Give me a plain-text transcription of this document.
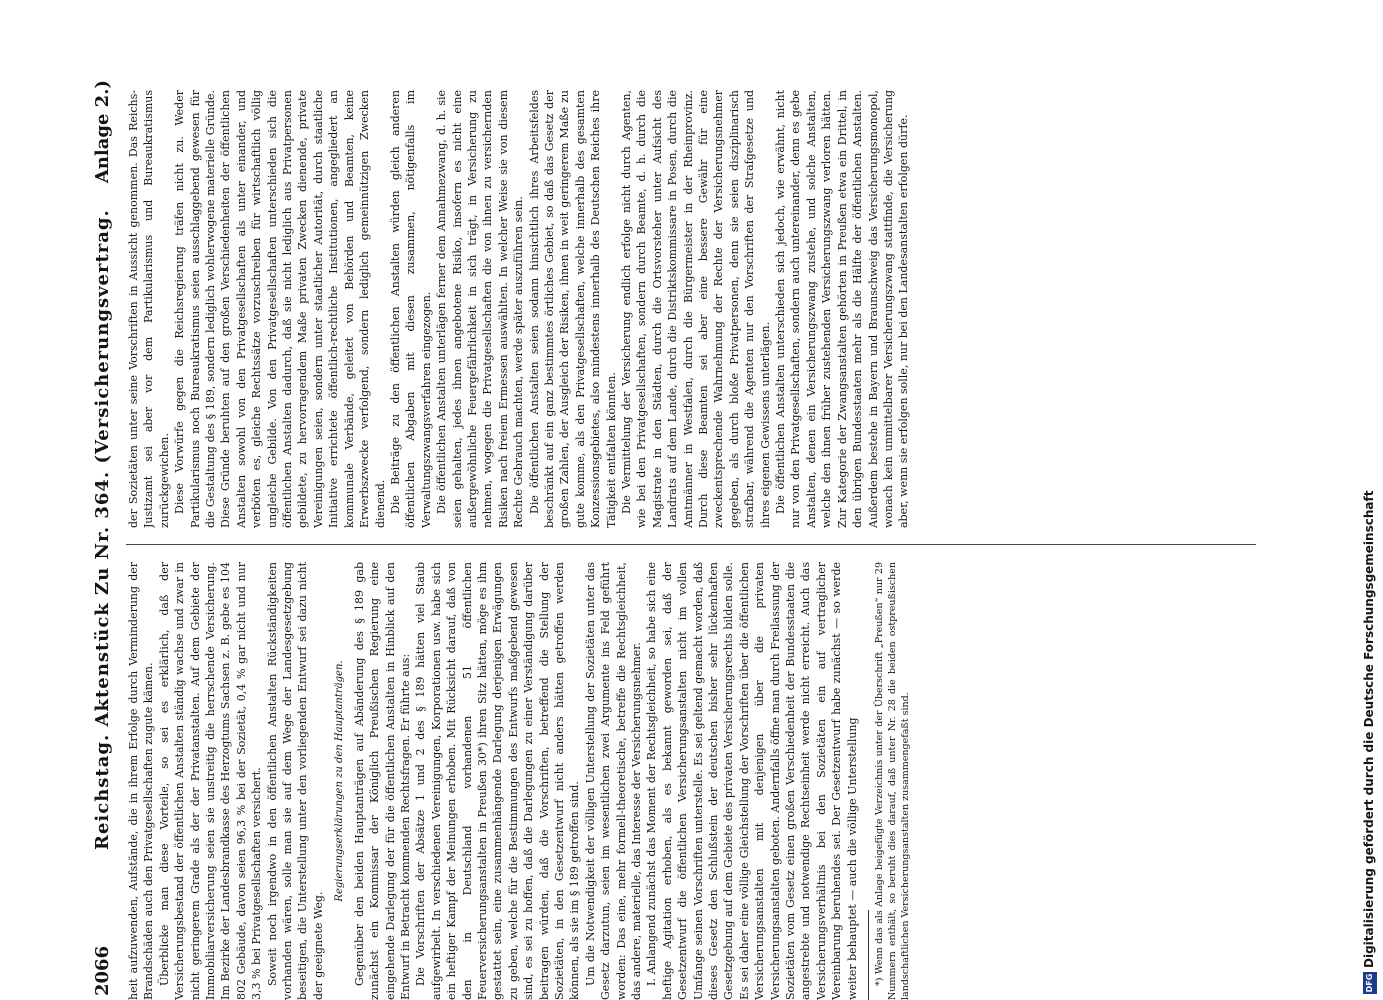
2066
Reichstag. Aktenstück Zu Nr. 364. (Versicherungsvertrag.
Anlage 2.)

heit aufzuwenden, Aufstände, die in ihrem Erfolge durch Verminderung der Brandschäden auch den Privatgesellschaften zugute kämen. Überblicke man diese Vorteile, so sei es erklärlich, daß der Versicherungsbestand der öffentlichen Anstalten ständig wachse und zwar in nicht geringerem Grade als der der Privatanstalten. Auf dem Gebiete der Immobiliarversicherung seien sie unstreitig die herrschende Versicherung. Im Bezirke der Landesbrandkasse des Herzogtums Sachsen z. B. gebe es 104 802 Gebäude, davon seien 96,3 % bei der Sozietät, 0,4 % gar nicht und nur 3,3 % bei Privatgesellschaften versichert. Soweit noch irgendwo in den öffentlichen Anstalten Rückständigkeiten vorhanden wären, solle man sie auf dem Wege der Landesgesetzgebung beseitigen, die Unterstellung unter den vorliegenden Entwurf sei dazu nicht der geeignete Weg.

Regierungserklärungen zu den Hauptanträgen. Gegenüber den beiden Hauptanträgen auf Abänderung des § 189 gab zunächst ein Kommissar der Königlich Preußischen Regierung eine eingehende Darlegung der für die öffentlichen Anstalten in Hinblick auf den Entwurf in Betracht kommenden Rechtsfragen. Er führte aus: Die Vorschriften der Absätze 1 und 2 des § 189 hätten viel Staub aufgewirbelt. In verschiedenen Vereinigungen, Korporationen usw. habe sich ein heftiger Kampf der Meinungen erhoben. Mit Rücksicht darauf, daß von den in Deutschland vorhandenen 51 öffentlichen Feuerversicherungsanstalten in Preußen 30*) ihren Sitz hätten, möge es ihm gestattet sein, eine zusammenhängende Darlegung derjenigen Erwägungen zu geben, welche für die Bestimmungen des Entwurfs maßgebend gewesen sind, es sei zu hoffen, daß die Darlegungen zu einer Verständigung darüber beitragen würden, daß die Vorschriften, betreffend die Stellung der Sozietäten, in den Gesetzentwurf nicht anders hätten getroffen werden können, als sie im § 189 getroffen sind. Um die Notwendigkeit der völligen Unterstellung der Sozietäten unter das Gesetz darzutun, seien im wesentlichen zwei Argumente ins Feld geführt worden: Das eine, mehr formell-theoretische, betreffe die Rechtsgleichheit, das andere, materielle, das Interesse der Versicherungsnehmer. I. Anlangend zunächst das Moment der Rechtsgleichheit, so habe sich eine heftige Agitation erhoben, als es bekannt geworden sei, daß der Gesetzentwurf die öffentlichen Versicherungsanstalten nicht im vollen Umfange seinen Vorschriften unterstelle. Es sei geltend gemacht worden, daß dieses Gesetz den Schlußstein der deutschen bisher sehr lückenhaften Gesetzgebung auf dem Gebiete des privaten Versicherungsrechts bilden solle. Es sei daher eine völlige Gleichstellung der Vorschriften über die öffentlichen Versicherungsanstalten mit denjenigen über die privaten Versicherungsanstalten geboten. Andernfalls öffne man durch Freilassung der Sozietäten vom Gesetz einen großen Verschiedenheit der Bundesstaaten die angestrebte und notwendige Rechtseinheit werde nicht erreicht. Auch das Versicherungsverhältnis bei den Sozietäten ein auf vertraglicher Vereinbarung beruhendes sei. Der Gesetzentwurf habe zunächst — so werde weiter behauptet — auch die völlige Unterstellung *) Wenn das als Anlage beigefügte Verzeichnis unter der Überschrift „Preußen“ nur 29 Nummern enthält, so beruht dies darauf, daß unter Nr. 28 die beiden ostpreußischen landschaftlichen Versicherungsanstalten zusammengefaßt sind.

der Sozietäten unter seine Vorschriften in Aussicht genommen. Das Reichs-Justizamt sei aber vor dem Partikularismus und Bureaukratismus zurückgewichen. Diese Vorwürfe gegen die Reichsregierung träfen nicht zu. Weder Partikularismus noch Bureaukratismus seien ausschlaggebend gewesen für die Gestaltung des § 189, sondern lediglich wohlerwogene materielle Gründe. Diese Gründe beruhten auf den großen Verschiedenheiten der öffentlichen Anstalten sowohl von den Privatgesellschaften als unter einander, und verböten es, gleiche Rechtssätze vorzuschreiben für wirtschaftlich völlig ungleiche Gebilde. Von den Privatgesellschaften unterschieden sich die öffentlichen Anstalten dadurch, daß sie nicht lediglich aus Privatpersonen gebildete, zu hervorragendem Maße privaten Zwecken dienende, private Vereinigungen seien, sondern unter staatlicher Autorität, durch staatliche Initiative errichtete öffentlich-rechtliche Institutionen, angegliedert an kommunale Verbände, geleitet von Behörden und Beamten, keine Erwerbszwecke verfolgend, sondern lediglich gemeinnützigen Zwecken dienend. Die Beiträge zu den öffentlichen Anstalten würden gleich anderen öffentlichen Abgaben mit diesen zusammen, nötigenfalls im Verwaltungszwangsverfahren eingezogen. Die öffentlichen Anstalten unterlägen ferner dem Annahmezwang, d. h. sie seien gehalten, jedes ihnen angebotene Risiko, insofern es nicht eine außergewöhnliche Feuergefährlichkeit in sich trägt, in Versicherung zu nehmen, wogegen die Privatgesellschaften die von ihnen zu versichernden Risiken nach freiem Ermessen auswählten. In welcher Weise sie von diesem Rechte Gebrauch machten, werde später auszuführen sein. Die öffentlichen Anstalten seien sodann hinsichtlich ihres Arbeitsfeldes beschränkt auf ein ganz bestimmtes örtliches Gebiet, so daß das Gesetz der großen Zahlen, der Ausgleich der Risiken, ihnen in weit geringerem Maße zu gute komme, als den Privatgesellschaften, welche innerhalb des gesamten Konzessionsgebietes, also mindestens innerhalb des Deutschen Reiches ihre Tätigkeit entfalten könnten. Die Vermittelung der Versicherung endlich erfolge nicht durch Agenten, wie bei den Privatgesellschaften, sondern durch Beamte, d. h. durch die Magistrate in den Städten, durch die Ortsvorsteher unter Aufsicht des Landrats auf dem Lande, durch die Distriktskommissare in Posen, durch die Amtmänner in Westfalen, durch die Bürgermeister in der Rheinprovinz. Durch diese Beamten sei aber eine bessere Gewähr für eine zweckentsprechende Wahrnehmung der Rechte der Versicherungsnehmer gegeben, als durch bloße Privatpersonen, denn sie seien disziplinarisch strafbar, während die Agenten nur den Vorschriften der Strafgesetze und ihres eigenen Gewissens unterlägen. Die öffentlichen Anstalten unterschieden sich jedoch, wie erwähnt, nicht nur von den Privatgesellschaften, sondern auch untereinander, denn es gebe Anstalten, denen ein Versicherungszwang zustehe, und solche Anstalten, welche den ihnen früher zustehenden Versicherungszwang verloren hätten. Zur Kategorie der Zwangsanstalten gehörten in Preußen etwa ein Drittel, in den übrigen Bundesstaaten mehr als die Hälfte der öffentlichen Anstalten. Außerdem bestehe in Bayern und Braunschweig das Versicherungsmonopol, wonach kein unmittelbarer Versicherungszwang stattfinde, die Versicherung aber, wenn sie erfolgen solle, nur bei den Landesanstalten erfolgen dürfe.

DFGDigitalisierung gefördert durch die Deutsche Forschungsgemeinschaft
